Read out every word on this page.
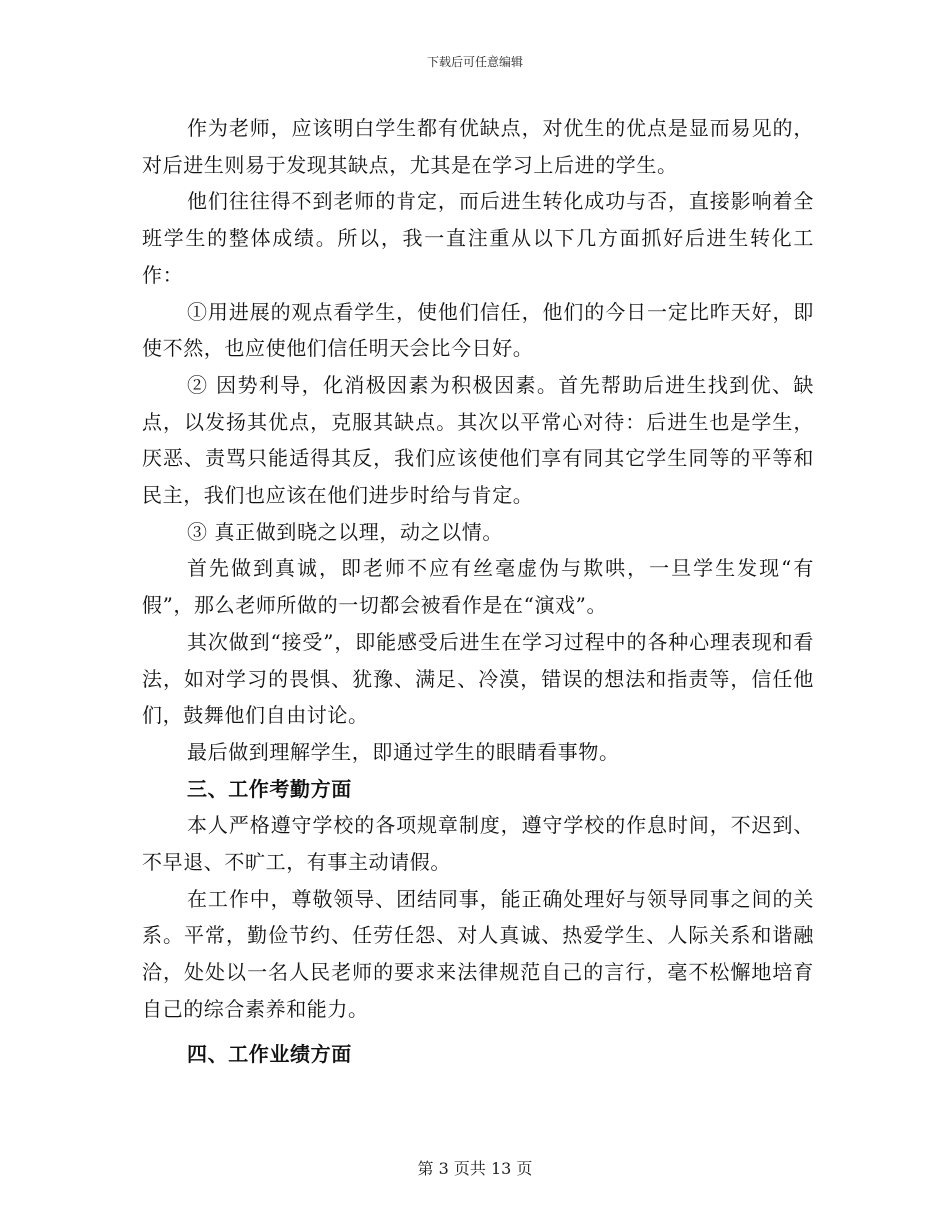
下载后可任意编辑

作为老师，应该明白学生都有优缺点，对优生的优点是显而易见的，对后进生则易于发现其缺点，尤其是在学习上后进的学生。

他们往往得不到老师的肯定，而后进生转化成功与否，直接影响着全班学生的整体成绩。所以，我一直注重从以下几方面抓好后进生转化工作：

①用进展的观点看学生，使他们信任，他们的今日一定比昨天好，即使不然，也应使他们信任明天会比今日好。

② 因势利导，化消极因素为积极因素。首先帮助后进生找到优、缺点，以发扬其优点，克服其缺点。其次以平常心对待：后进生也是学生，厌恶、责骂只能适得其反，我们应该使他们享有同其它学生同等的平等和民主，我们也应该在他们进步时给与肯定。

③ 真正做到晓之以理，动之以情。

首先做到真诚，即老师不应有丝毫虚伪与欺哄，一旦学生发现“有假”，那么老师所做的一切都会被看作是在“演戏”。

其次做到“接受”，即能感受后进生在学习过程中的各种心理表现和看法，如对学习的畏惧、犹豫、满足、冷漠，错误的想法和指责等，信任他们，鼓舞他们自由讨论。

最后做到理解学生，即通过学生的眼睛看事物。

三、工作考勤方面

本人严格遵守学校的各项规章制度，遵守学校的作息时间，不迟到、不早退、不旷工，有事主动请假。

在工作中，尊敬领导、团结同事，能正确处理好与领导同事之间的关系。平常，勤俭节约、任劳任怨、对人真诚、热爱学生、人际关系和谐融洽，处处以一名人民老师的要求来法律规范自己的言行，毫不松懈地培育自己的综合素养和能力。

四、工作业绩方面

第 3 页共 13 页
